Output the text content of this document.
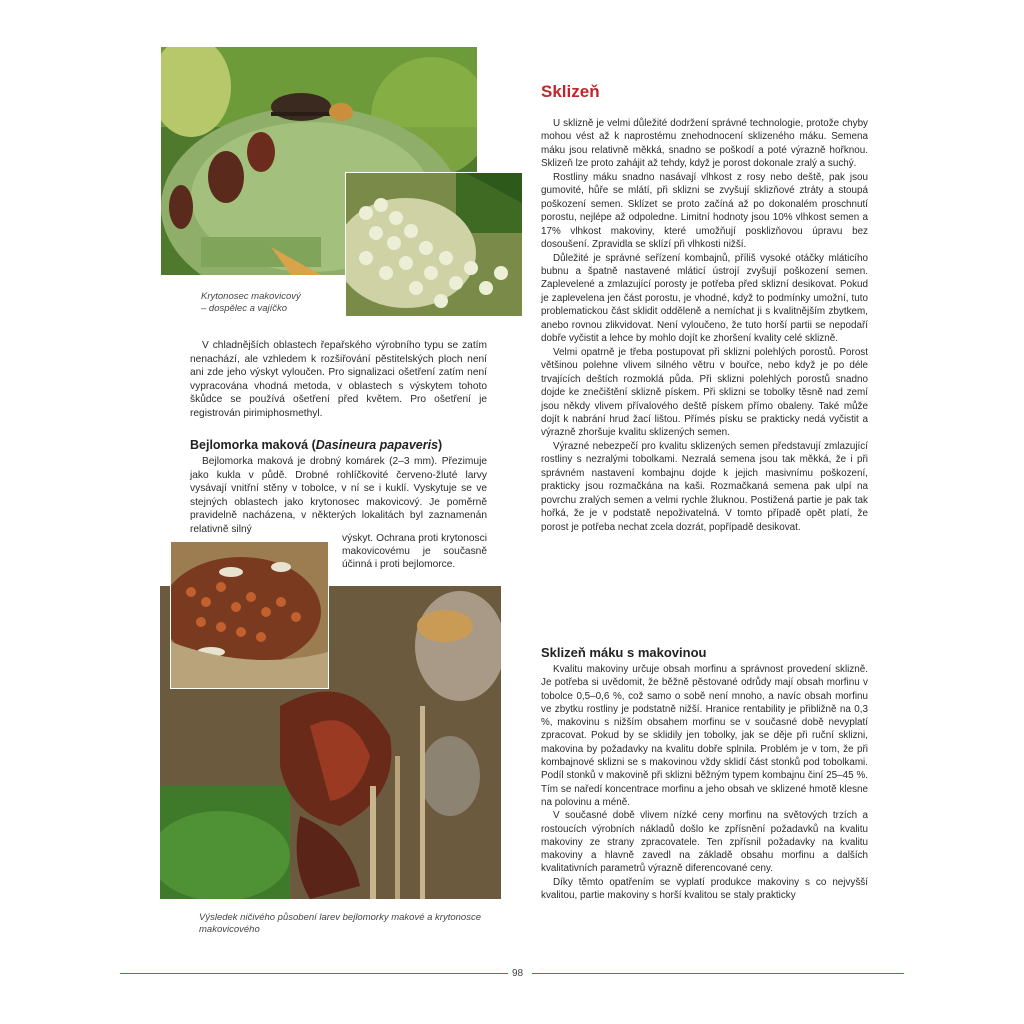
Krytonosec makovicový
– dospělec a vajíčko

V chladnějších oblastech řepařského výrobního typu se zatím nenachází, ale vzhledem k rozšiřování pěstitelských ploch není ani zde jeho výskyt vyloučen. Pro signalizaci ošetření zatím není vypracována vhodná metoda, v oblastech s výskytem tohoto škůdce se používá ošetření před květem. Pro ošetření je registrován pirimiphosmethyl.

Bejlomorka maková (Dasineura papaveris)

Bejlomorka maková je drobný komárek (2–3 mm). Přezimuje jako kukla v půdě. Drobné rohlíčkovité červeno-žluté larvy vysávají vnitřní stěny v tobolce, v ní se i kuklí. Vyskytuje se ve stejných oblastech jako krytonosec makovicový. Je poměrně pravidelně nacházena, v některých lokalitách byl zaznamenán relativně silný

výskyt. Ochrana proti krytonosci makovicovému je současně účinná i proti bejlomorce.

Výsledek ničivého působení larev bejlomorky makové a krytonosce
makovicového
Sklizeň

U sklizně je velmi důležité dodržení správné technologie, protože chyby mohou vést až k naprostému znehodnocení sklizeného máku. Semena máku jsou relativně měkká, snadno se poškodí a poté výrazně hořknou. Sklizeň lze proto zahájit až tehdy, když je porost dokonale zralý a suchý.

Rostliny máku snadno nasávají vlhkost z rosy nebo deště, pak jsou gumovité, hůře se mlátí, při sklizni se zvyšují sklizňové ztráty a stoupá poškození semen. Sklízet se proto začíná až po dokonalém proschnutí porostu, nejlépe až odpoledne. Limitní hodnoty jsou 10% vlhkost semen a 17% vlhkost makoviny, které umožňují posklizňovou úpravu bez dosoušení. Zpravidla se sklízí při vlhkosti nižší.

Důležité je správné seřízení kombajnů, příliš vysoké otáčky mláticího bubnu a špatně nastavené mláticí ústrojí zvyšují poškození semen. Zaplevelené a zmlazující porosty je potřeba před sklizní desikovat. Pokud je zaplevelena jen část porostu, je vhodné, když to podmínky umožní, tuto problematickou část sklidit odděleně a nemíchat ji s kvalitnějším zbytkem, anebo rovnou zlikvidovat. Není vyloučeno, že tuto horší partii se nepodaří dobře vyčistit a lehce by mohlo dojít ke zhoršení kvality celé sklizně.

Velmi opatrně je třeba postupovat při sklizni polehlých porostů. Porost většinou polehne vlivem silného větru v bouřce, nebo když je po déle trvajících deštích rozmoklá půda. Při sklizni polehlých porostů snadno dojde ke znečištění sklizně pískem. Při sklizni se tobolky těsně nad zemí jsou někdy vlivem přívalového deště pískem přímo obaleny. Také může dojít k nabrání hrud žací lištou. Přímés písku se prakticky nedá vyčistit a výrazně zhoršuje kvalitu sklizených semen.

Výrazné nebezpečí pro kvalitu sklizených semen představují zmlazující rostliny s nezralými tobolkami. Nezralá semena jsou tak měkká, že i při správném nastavení kombajnu dojde k jejich masivnímu poškození, prakticky jsou rozmačkána na kaši. Rozmačkaná semena pak ulpí na povrchu zralých semen a velmi rychle žluknou. Postižená partie je pak tak hořká, že je v podstatě nepoživatelná. V tomto případě opět platí, že porost je potřeba nechat zcela dozrát, popřípadě desikovat.

Sklizeň máku s makovinou

Kvalitu makoviny určuje obsah morfinu a správnost provedení sklizně. Je potřeba si uvědomit, že běžně pěstované odrůdy mají obsah morfinu v tobolce 0,5–0,6 %, což samo o sobě není mnoho, a navíc obsah morfinu ve zbytku rostliny je podstatně nižší. Hranice rentability je přibližně na 0,3 %, makovinu s nižším obsahem morfinu se v současné době nevyplatí zpracovat. Pokud by se sklidily jen tobolky, jak se děje při ruční sklizni, makovina by požadavky na kvalitu dobře splnila. Problém je v tom, že při kombajnové sklizni se s makovinou vždy sklidí část stonků pod tobolkami. Podíl stonků v makovině při sklizni běžným typem kombajnu činí 25–45 %. Tím se naředí koncentrace morfinu a jeho obsah ve sklizené hmotě klesne na polovinu a méně.

V současné době vlivem nízké ceny morfinu na světových trzích a rostoucích výrobních nákladů došlo ke zpřísnění požadavků na kvalitu makoviny ze strany zpracovatele. Ten zpřísnil požadavky na kvalitu makoviny a hlavně zavedl na základě obsahu morfinu a dalších kvalitativních parametrů výrazně diferencované ceny.

Díky těmto opatřením se vyplatí produkce makoviny s co nejvyšší kvalitou, partie makoviny s horší kvalitou se staly prakticky

98
